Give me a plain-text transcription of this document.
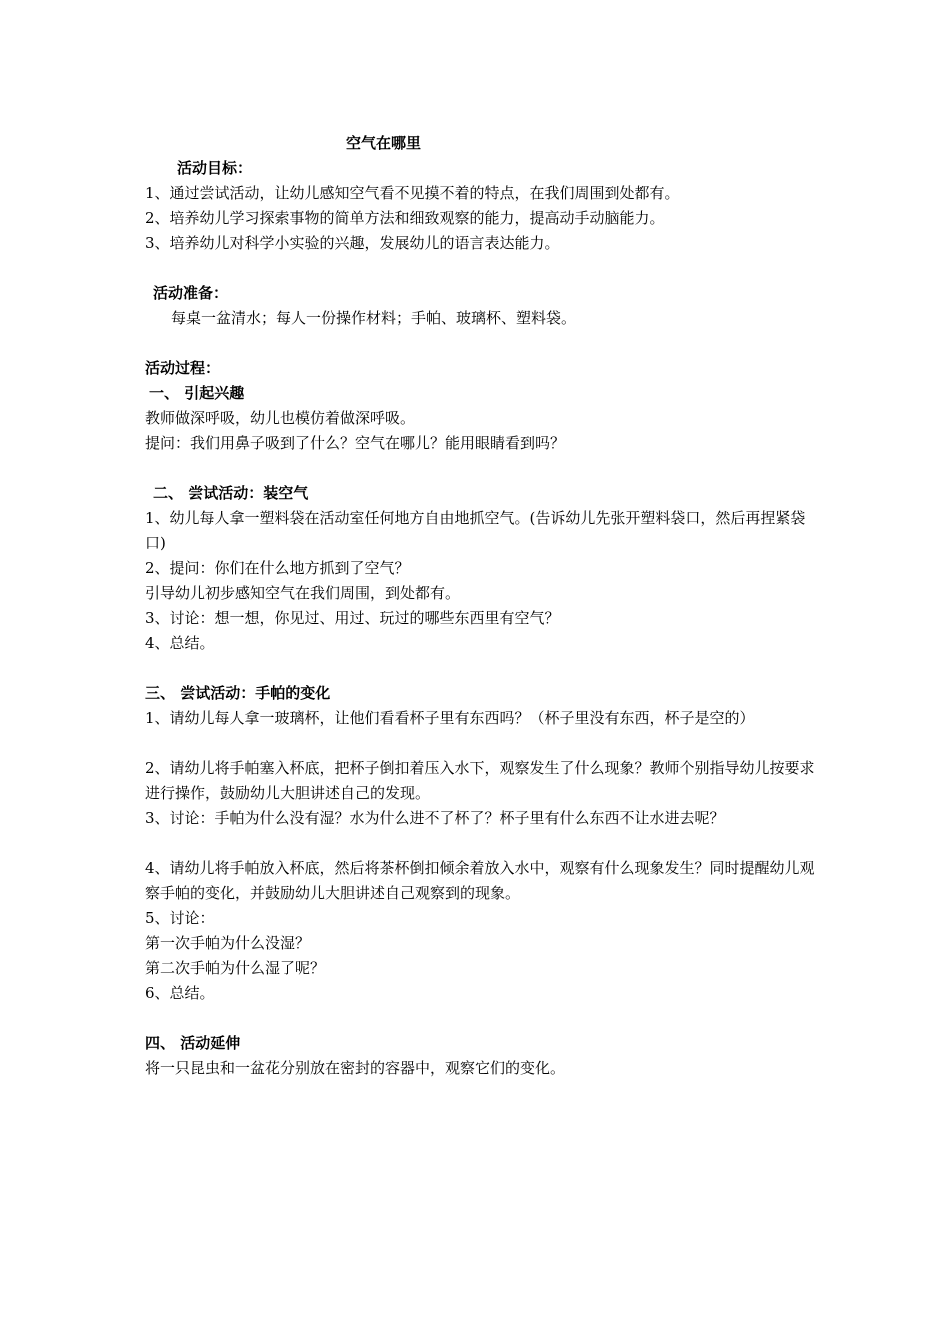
空气在哪里
活动目标：
1、通过尝试活动，让幼儿感知空气看不见摸不着的特点，在我们周围到处都有。
2、培养幼儿学习探索事物的简单方法和细致观察的能力，提高动手动脑能力。
3、培养幼儿对科学小实验的兴趣，发展幼儿的语言表达能力。
活动准备：
每桌一盆清水；每人一份操作材料；手帕、玻璃杯、塑料袋。
活动过程：
一、 引起兴趣
教师做深呼吸，幼儿也模仿着做深呼吸。
提问：我们用鼻子吸到了什么？空气在哪儿？能用眼睛看到吗？
二、 尝试活动：装空气
1、幼儿每人拿一塑料袋在活动室任何地方自由地抓空气。(告诉幼儿先张开塑料袋口，然后再捏紧袋口)
2、提问：你们在什么地方抓到了空气？
引导幼儿初步感知空气在我们周围，到处都有。
3、讨论：想一想，你见过、用过、玩过的哪些东西里有空气？
4、总结。
三、 尝试活动：手帕的变化
1、请幼儿每人拿一玻璃杯，让他们看看杯子里有东西吗？（杯子里没有东西，杯子是空的）
2、请幼儿将手帕塞入杯底，把杯子倒扣着压入水下，观察发生了什么现象？教师个别指导幼儿按要求进行操作，鼓励幼儿大胆讲述自己的发现。
3、讨论：手帕为什么没有湿？水为什么进不了杯了？杯子里有什么东西不让水进去呢？
4、请幼儿将手帕放入杯底，然后将茶杯倒扣倾余着放入水中，观察有什么现象发生？同时提醒幼儿观察手帕的变化，并鼓励幼儿大胆讲述自己观察到的现象。
5、讨论：
第一次手帕为什么没湿？
第二次手帕为什么湿了呢？
6、总结。
四、 活动延伸
将一只昆虫和一盆花分别放在密封的容器中，观察它们的变化。
